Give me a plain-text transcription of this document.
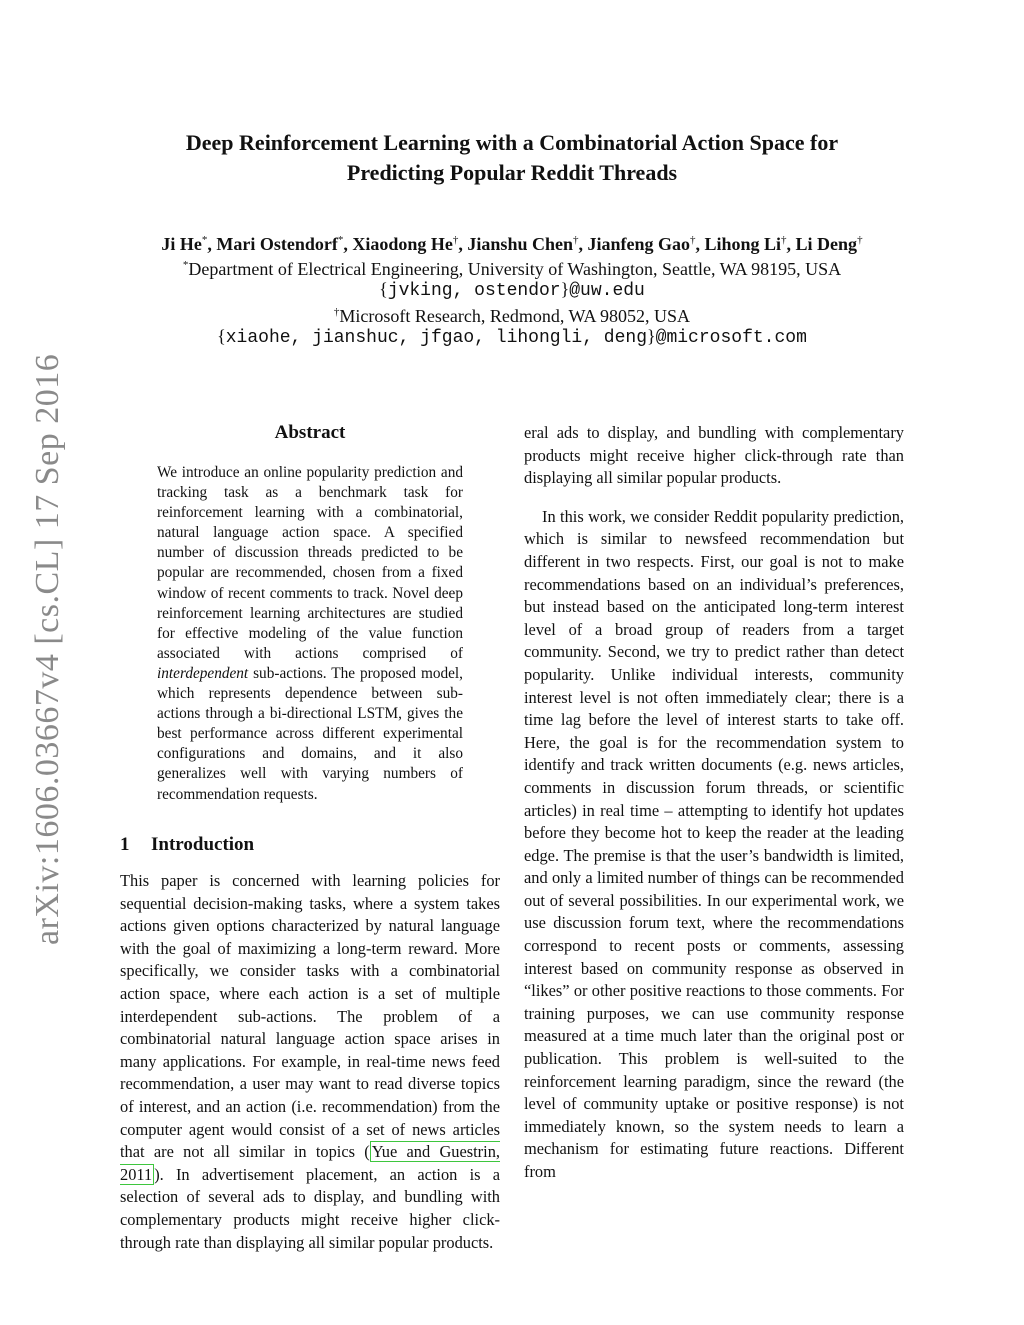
arXiv:1606.03667v4 [cs.CL] 17 Sep 2016
Deep Reinforcement Learning with a Combinatorial Action Space for
Predicting Popular Reddit Threads
Ji He*, Mari Ostendorf*, Xiaodong He†, Jianshu Chen†, Jianfeng Gao†, Lihong Li†, Li Deng†
*Department of Electrical Engineering, University of Washington, Seattle, WA 98195, USA
{jvking, ostendor}@uw.edu
†Microsoft Research, Redmond, WA 98052, USA
{xiaohe, jianshuc, jfgao, lihongli, deng}@microsoft.com
Abstract
We introduce an online popularity prediction and tracking task as a benchmark task for reinforcement learning with a combinatorial, natural language action space. A specified number of discussion threads predicted to be popular are recommended, chosen from a fixed window of recent comments to track. Novel deep reinforcement learning architectures are studied for effective modeling of the value function associated with actions comprised of interdependent sub-actions. The proposed model, which represents dependence between sub-actions through a bi-directional LSTM, gives the best performance across different experimental configurations and domains, and it also generalizes well with varying numbers of recommendation requests.
1 Introduction
This paper is concerned with learning policies for sequential decision-making tasks, where a system takes actions given options characterized by natural language with the goal of maximizing a long-term reward. More specifically, we consider tasks with a combinatorial action space, where each action is a set of multiple interdependent sub-actions. The problem of a combinatorial natural language action space arises in many applications. For example, in real-time news feed recommendation, a user may want to read diverse topics of interest, and an action (i.e. recommendation) from the computer agent would consist of a set of news articles that are not all similar in topics ( Yue and Guestrin, 2011 ). In advertisement placement, an action is a selection of several ads to display, and bundling with complementary products might receive higher click-through rate than displaying all similar popular products.

eral ads to display, and bundling with complementary products might receive higher click-through rate than displaying all similar popular products.

In this work, we consider Reddit popularity prediction, which is similar to newsfeed recommendation but different in two respects. First, our goal is not to make recommendations based on an individual’s preferences, but instead based on the anticipated long-term interest level of a broad group of readers from a target community. Second, we try to predict rather than detect popularity. Unlike individual interests, community interest level is not often immediately clear; there is a time lag before the level of interest starts to take off. Here, the goal is for the recommendation system to identify and track written documents (e.g. news articles, comments in discussion forum threads, or scientific articles) in real time – attempting to identify hot updates before they become hot to keep the reader at the leading edge. The premise is that the user’s bandwidth is limited, and only a limited number of things can be recommended out of several possibilities. In our experimental work, we use discussion forum text, where the recommendations correspond to recent posts or comments, assessing interest based on community response as observed in “likes” or other positive reactions to those comments. For training purposes, we can use community response measured at a time much later than the original post or publication. This problem is well-suited to the reinforcement learning paradigm, since the reward (the level of community uptake or positive response) is not immediately known, so the system needs to learn a mechanism for estimating future reactions. Different from
